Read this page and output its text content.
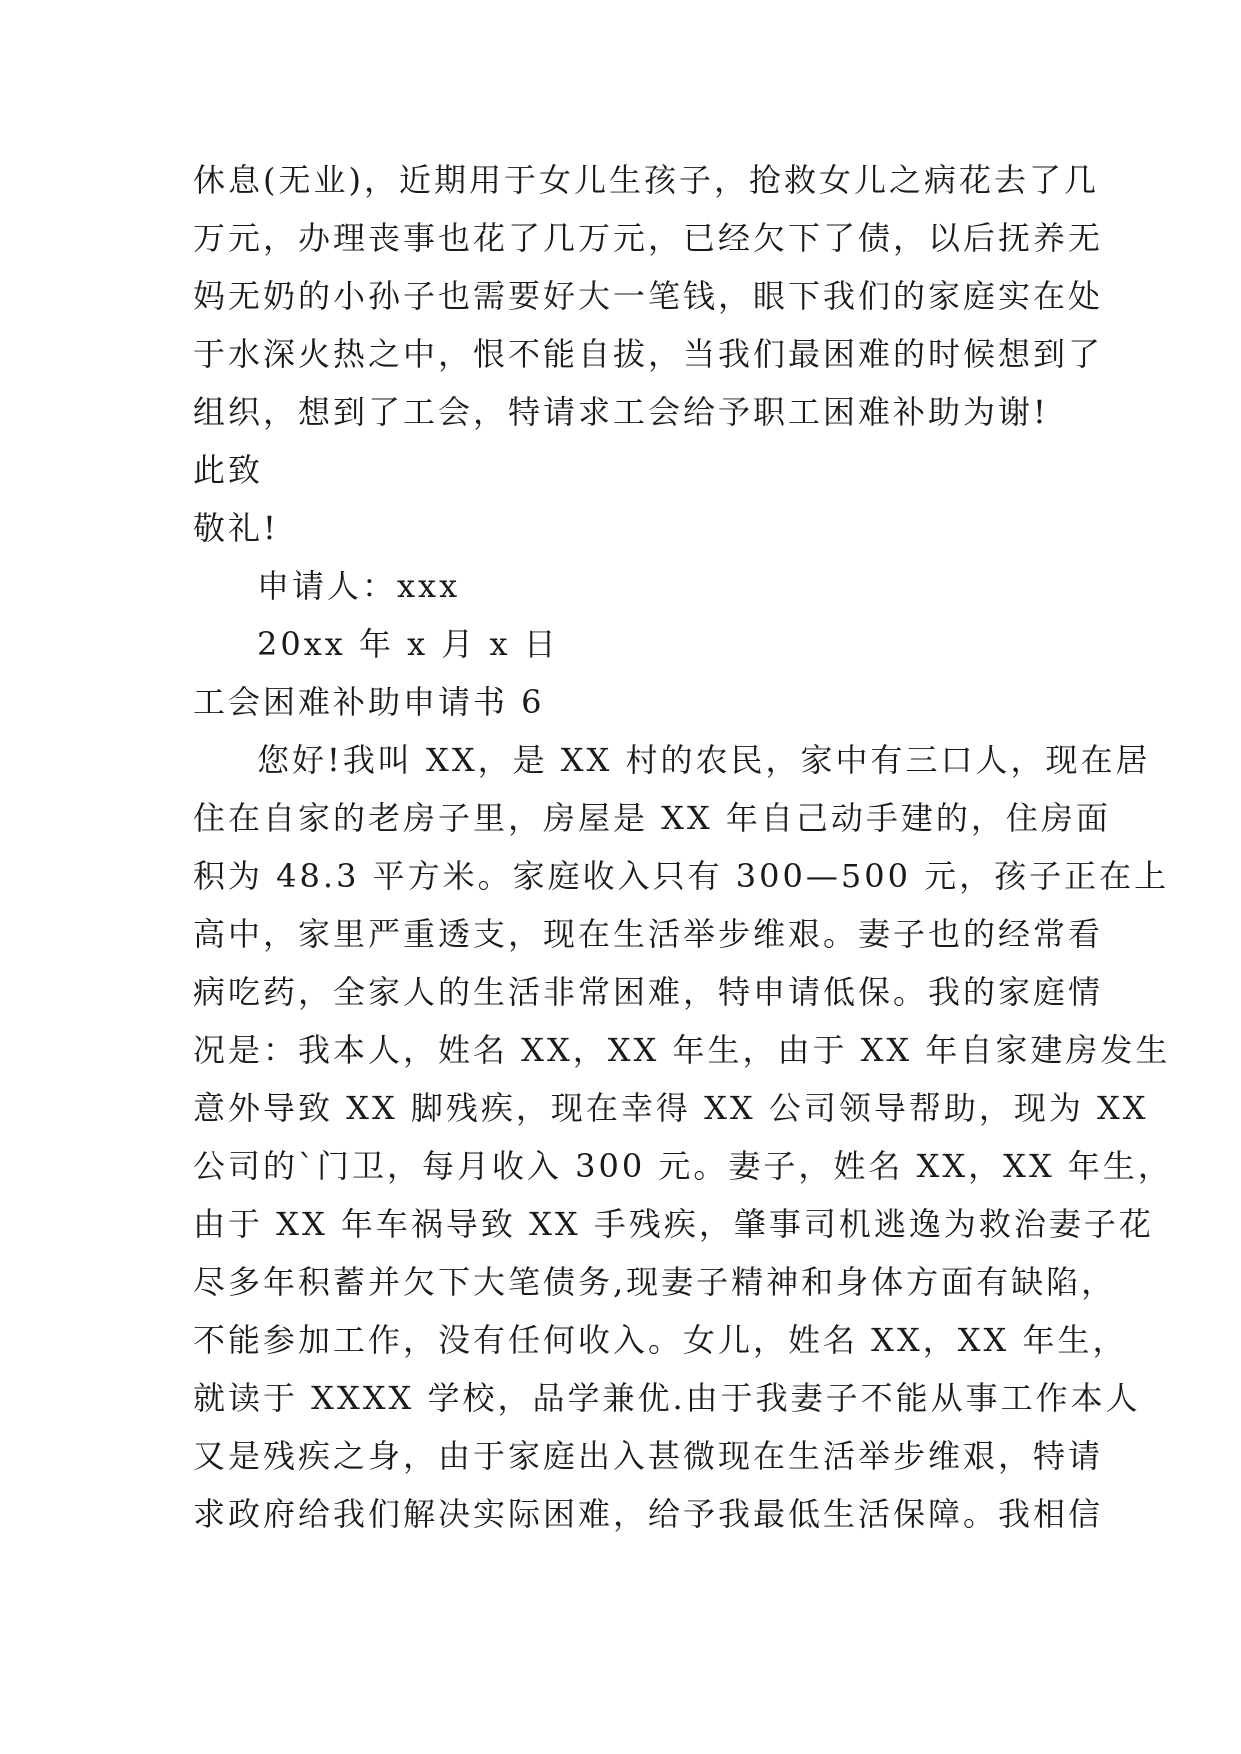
休息(无业)，近期用于女儿生孩子，抢救女儿之病花去了几

万元，办理丧事也花了几万元，已经欠下了债，以后抚养无

妈无奶的小孙子也需要好大一笔钱，眼下我们的家庭实在处

于水深火热之中，恨不能自拔，当我们最困难的时候想到了

组织，想到了工会，特请求工会给予职工困难补助为谢!

此致

敬礼!

申请人：xxx

20xx 年 x 月 x 日

工会困难补助申请书 6

您好!我叫 XX，是 XX 村的农民，家中有三口人，现在居

住在自家的老房子里，房屋是 XX 年自己动手建的，住房面

积为 48.3 平方米。家庭收入只有 300—500 元，孩子正在上

高中，家里严重透支，现在生活举步维艰。妻子也的经常看

病吃药，全家人的生活非常困难，特申请低保。我的家庭情

况是：我本人，姓名 XX，XX 年生，由于 XX 年自家建房发生

意外导致 XX 脚残疾，现在幸得 XX 公司领导帮助，现为 XX

公司的`门卫，每月收入 300 元。妻子，姓名 XX，XX 年生，

由于 XX 年车祸导致 XX 手残疾，肇事司机逃逸为救治妻子花

尽多年积蓄并欠下大笔债务,现妻子精神和身体方面有缺陷，

不能参加工作，没有任何收入。女儿，姓名 XX，XX 年生，

就读于 XXXX 学校，品学兼优.由于我妻子不能从事工作本人

又是残疾之身，由于家庭出入甚微现在生活举步维艰，特请

求政府给我们解决实际困难，给予我最低生活保障。我相信
